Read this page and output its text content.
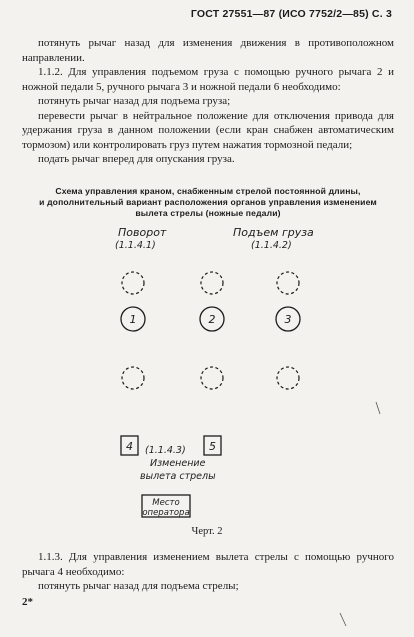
ГОСТ 27551—87 (ИСО 7752/2—85) С. 3

потянуть рычаг назад для изменения движения в противоположном направлении.

1.1.2. Для управления подъемом груза с помощью ручного рычага 2 и ножной педали 5, ручного рычага 3 и ножной педали 6 необходимо:

потянуть рычаг назад для подъема груза;

перевести рычаг в нейтральное положение для отключения привода для удержания груза в данном положении (если кран снабжен автоматическим тормозом) или контролировать груз путем нажатия тормозной педали;

подать рычаг вперед для опускания груза.

Схема управления краном, снабженным стрелой постоянной длины,
и дополнительный вариант расположения органов управления изменением
вылета стрелы (ножные педали)
Поворот
(1.1.4.1)
Подъем груза
(1.1.4.2)
1	2	3
4	5
(1.1.4.3)
Изменение
вылета стрелы
Место
оператора
Черт. 2

1.1.3. Для управления изменением вылета стрелы с помощью ручного рычага 4 необходимо:

потянуть рычаг назад для подъема стрелы;

2*
